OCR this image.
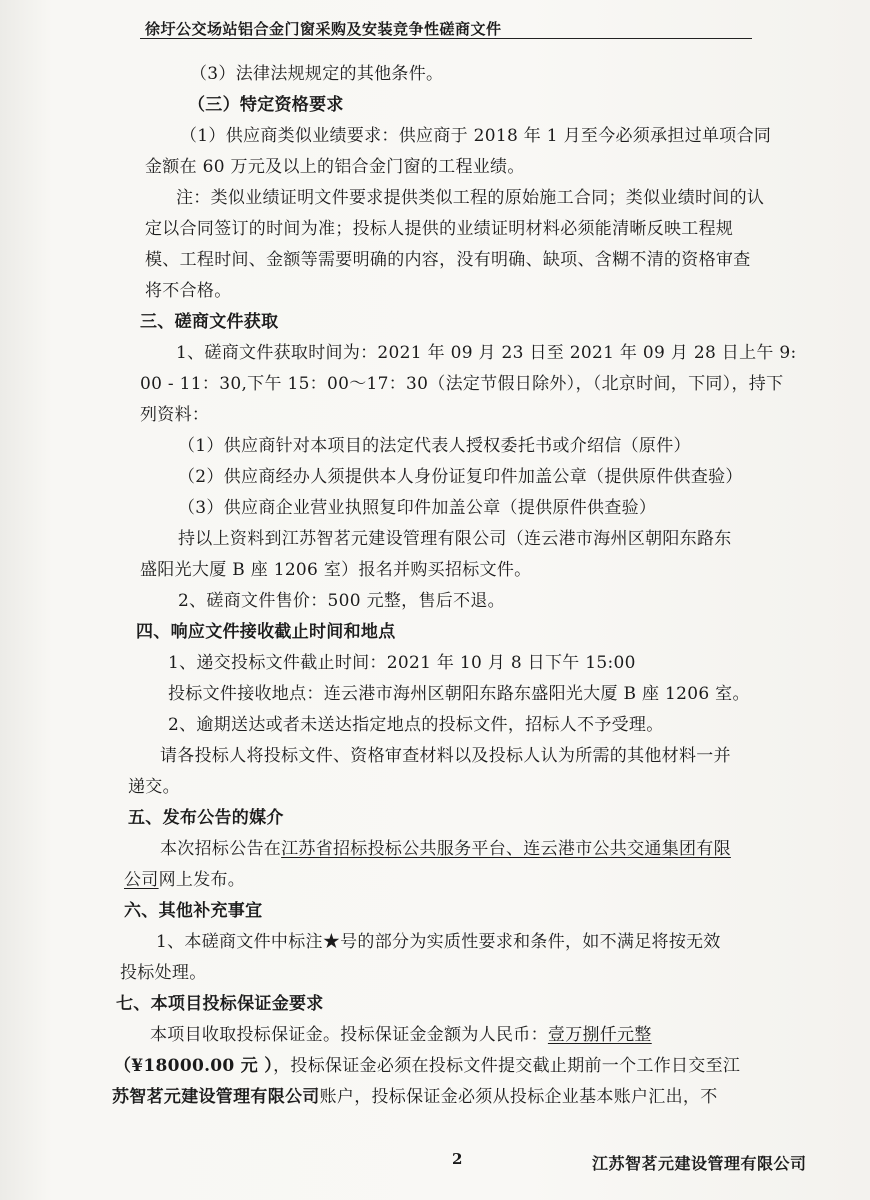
徐圩公交场站铝合金门窗采购及安装竞争性磋商文件
（3）法律法规规定的其他条件。
（三）特定资格要求
（1）供应商类似业绩要求：供应商于 2018 年 1 月至今必须承担过单项合同
金额在 60 万元及以上的铝合金门窗的工程业绩。
注：类似业绩证明文件要求提供类似工程的原始施工合同；类似业绩时间的认
定以合同签订的时间为准；投标人提供的业绩证明材料必须能清晰反映工程规
模、工程时间、金额等需要明确的内容，没有明确、缺项、含糊不清的资格审查
将不合格。
三、磋商文件获取
1、磋商文件获取时间为：2021 年 09 月 23 日至 2021 年 09 月 28 日上午 9:
00 - 11：30,下午 15：00～17：30（法定节假日除外），（北京时间，下同），持下
列资料：
（1）供应商针对本项目的法定代表人授权委托书或介绍信（原件）
（2）供应商经办人须提供本人身份证复印件加盖公章（提供原件供查验）
（3）供应商企业营业执照复印件加盖公章（提供原件供查验）
持以上资料到江苏智茗元建设管理有限公司（连云港市海州区朝阳东路东
盛阳光大厦 B 座 1206 室）报名并购买招标文件。
2、磋商文件售价：500 元整，售后不退。
四、响应文件接收截止时间和地点
1、递交投标文件截止时间：2021 年 10 月 8 日下午 15:00
投标文件接收地点：连云港市海州区朝阳东路东盛阳光大厦 B 座 1206 室。
2、逾期送达或者未送达指定地点的投标文件，招标人不予受理。
请各投标人将投标文件、资格审查材料以及投标人认为所需的其他材料一并
递交。
五、发布公告的媒介
本次招标公告在江苏省招标投标公共服务平台、连云港市公共交通集团有限
公司网上发布。
六、其他补充事宜
1、本磋商文件中标注★号的部分为实质性要求和条件，如不满足将按无效
投标处理。
七、本项目投标保证金要求
本项目收取投标保证金。投标保证金金额为人民币：壹万捌仟元整
（¥18000.00 元 ），投标保证金必须在投标文件提交截止期前一个工作日交至江
苏智茗元建设管理有限公司账户，投标保证金必须从投标企业基本账户汇出，不
2	江苏智茗元建设管理有限公司
